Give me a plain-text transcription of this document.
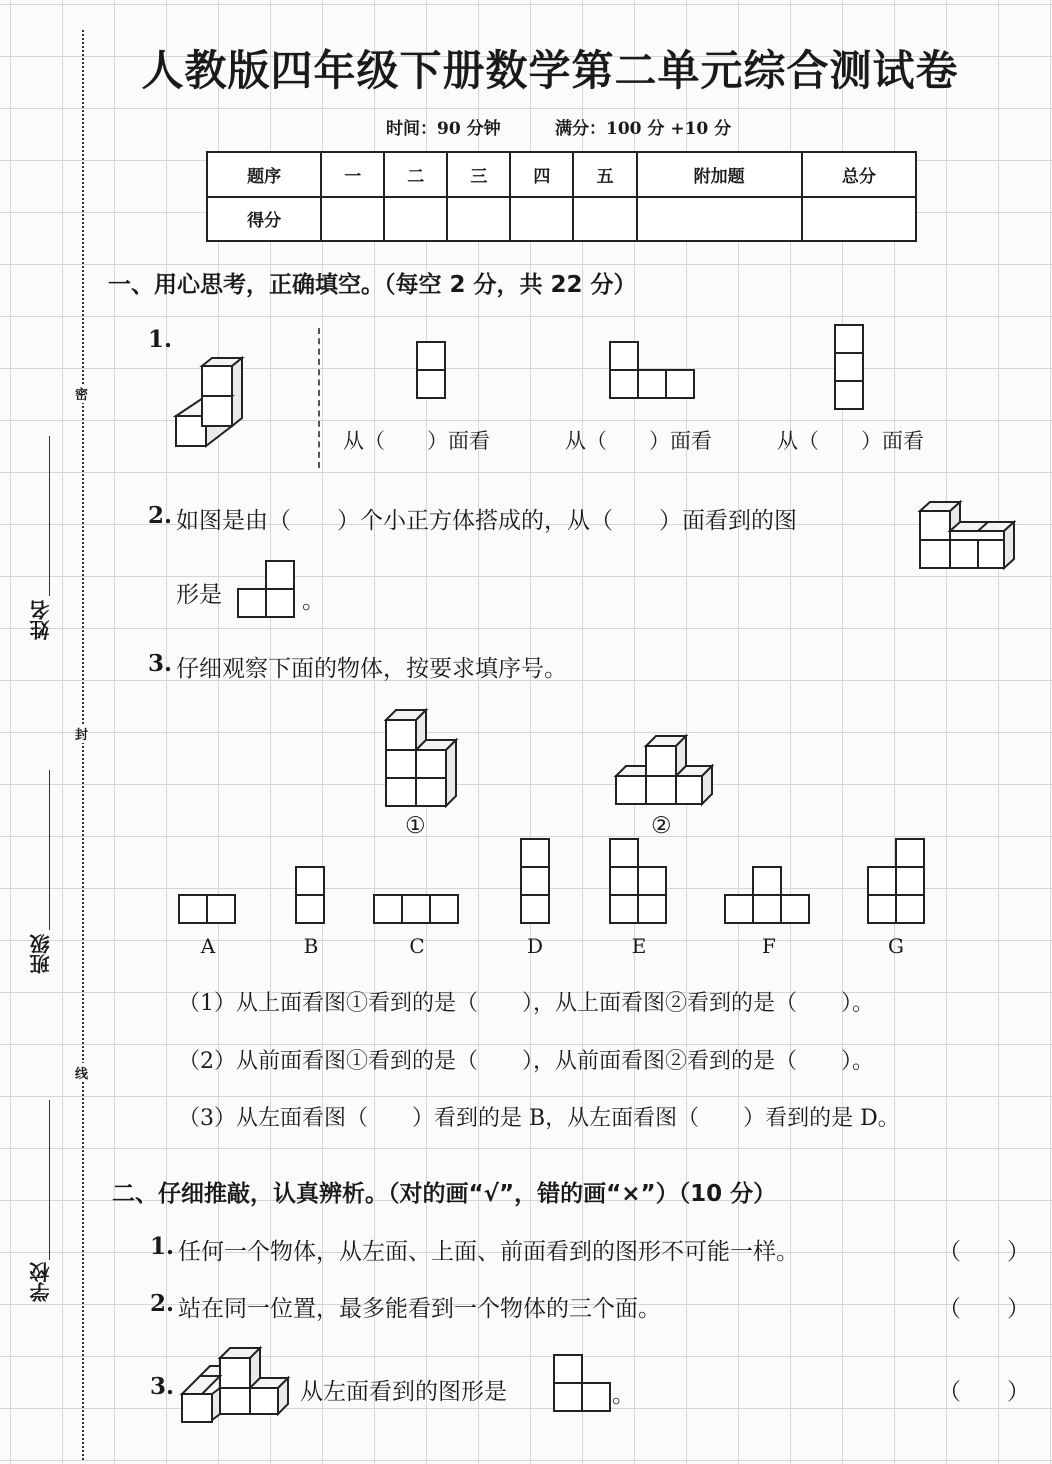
密
封
线
姓名
班级
学校
人教版四年级下册数学第二单元综合测试卷
时间：90 分钟	满分：100 分 +10 分
题序	一	二	三	四	五	附加题	总分
得分							
一、用心思考，正确填空。（每空 2 分，共 22 分）
1.
从（　　）面看	从（　　）面看	从（　　）面看
2. 如图是由（　　）个小正方体搭成的，从（　　）面看到的图
形是	。
3. 仔细观察下面的物体，按要求填序号。
①	②
A	B	C	D	E	F	G
（1）从上面看图①看到的是（　　），从上面看图②看到的是（　　）。
（2）从前面看图①看到的是（　　），从前面看图②看到的是（　　）。
（3）从左面看图（　　）看到的是 B，从左面看图（　　）看到的是 D。
二、仔细推敲，认真辨析。（对的画“√”，错的画“×”）（10 分）
1. 任何一个物体，从左面、上面、前面看到的图形不可能一样。	（　　）
2. 站在同一位置，最多能看到一个物体的三个面。	（　　）
3.	从左面看到的图形是	。	（　　）
